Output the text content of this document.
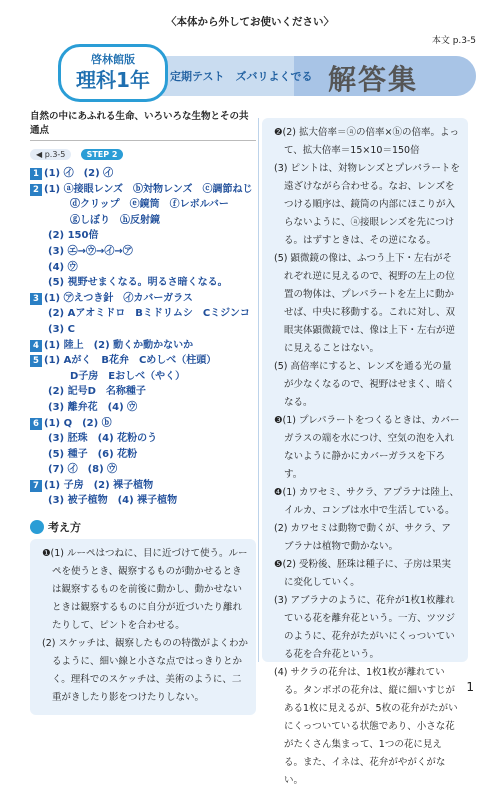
〈本体から外してお使いください〉
本文 p.3-5
啓林館版
理科1年	定期テスト　ズバリよくでる 解答集
自然の中にあふれる生命、いろいろな生物とその共通点
◀ p.3-5	STEP 2
1 (1) ㋑　(2) ㋑
2 (1) ⓐ接眼レンズ　ⓑ対物レンズ　ⓒ調節ねじ
ⓓクリップ　ⓔ鏡筒　ⓕレボルバー
ⓖしぼり　ⓗ反射鏡
(2) 150倍
(3) ㋓→㋒→㋑→㋐
(4) ㋒
(5) 視野せまくなる。明るさ暗くなる。
3 (1) ㋐えつき針　㋑カバーガラス
(2) Aアオミドロ　Bミドリムシ　Cミジンコ
(3) C
4 (1) 陸上　(2) 動くか動かないか
5 (1) Aがく　B花弁　Cめしべ（柱頭）
D子房　Eおしべ（やく）
(2) 記号D　名称種子
(3) 離弁花　(4) ㋒
6 (1) Q　(2) ⓑ
(3) 胚珠　(4) 花粉のう
(5) 種子　(6) 花粉
(7) ㋑　(8) ㋒
7 (1) 子房　(2) 裸子植物
(3) 被子植物　(4) 裸子植物
考え方

❶(1) ルーペはつねに、目に近づけて使う。ルーペを使うとき、観察するものが動かせるときは観察するものを前後に動かし、動かせないときは観察するものに自分が近づいたり離れたりして、ピントを合わせる。

(2) スケッチは、観察したものの特徴がよくわかるように、細い線と小さな点ではっきりとかく。理科でのスケッチは、美術のように、二重がきしたり影をつけたりしない。

❷(2) 拡大倍率＝ⓐの倍率×ⓑの倍率。よって、拡大倍率＝15×10＝150倍

(3) ピントは、対物レンズとプレパラートを遠ざけながら合わせる。なお、レンズをつける順序は、鏡筒の内部にほこりが入らないように、ⓐ接眼レンズを先につける。はずすときは、その逆になる。

(5) 顕微鏡の像は、ふつう上下・左右がそれぞれ逆に見えるので、視野の左上の位置の物体は、プレパラートを左上に動かせば、中央に移動する。これに対し、双眼実体顕微鏡では、像は上下・左右が逆に見えることはない。

(5) 高倍率にすると、レンズを通る光の量が少なくなるので、視野はせまく、暗くなる。

❸(1) プレパラートをつくるときは、カバーガラスの端を水につけ、空気の泡を入れないように静かにカバーガラスを下ろす。

❹(1) カワセミ、サクラ、アプラナは陸上、イルカ、コンブは水中で生活している。

(2) カワセミは動物で動くが、サクラ、アブラナは植物で動かない。

❺(2) 受粉後、胚珠は種子に、子房は果実に変化していく。

(3) アブラナのように、花弁が1枚1枚離れている花を離弁花という。一方、ツツジのように、花弁がたがいにくっついている花を合弁花という。

(4) サクラの花弁は、1枚1枚が離れている。タンポポの花弁は、縦に細いすじがある1枚に見えるが、5枚の花弁がたがいにくっついている状態であり、小さな花がたくさん集まって、1つの花に見える。また、イネは、花弁がやがくがない。

1
